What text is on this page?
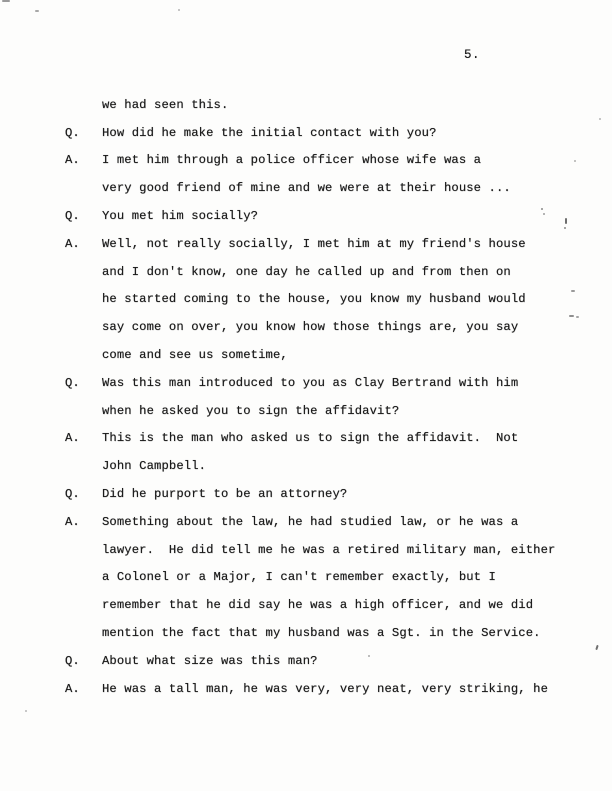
5.
we had seen this.
Q. How did he make the initial contact with you?
A. I met him through a police officer whose wife was a
very good friend of mine and we were at their house ...
Q. You met him socially?
A. Well, not really socially, I met him at my friend's house
and I don't know, one day he called up and from then on
he started coming to the house, you know my husband would
say come on over, you know how those things are, you say
come and see us sometime,
Q. Was this man introduced to you as Clay Bertrand with him
when he asked you to sign the affidavit?
A. This is the man who asked us to sign the affidavit.  Not
John Campbell.
Q. Did he purport to be an attorney?
A. Something about the law, he had studied law, or he was a
lawyer.  He did tell me he was a retired military man, either
a Colonel or a Major, I can't remember exactly, but I
remember that he did say he was a high officer, and we did
mention the fact that my husband was a Sgt. in the Service.
Q. About what size was this man?
A. He was a tall man, he was very, very neat, very striking, he
